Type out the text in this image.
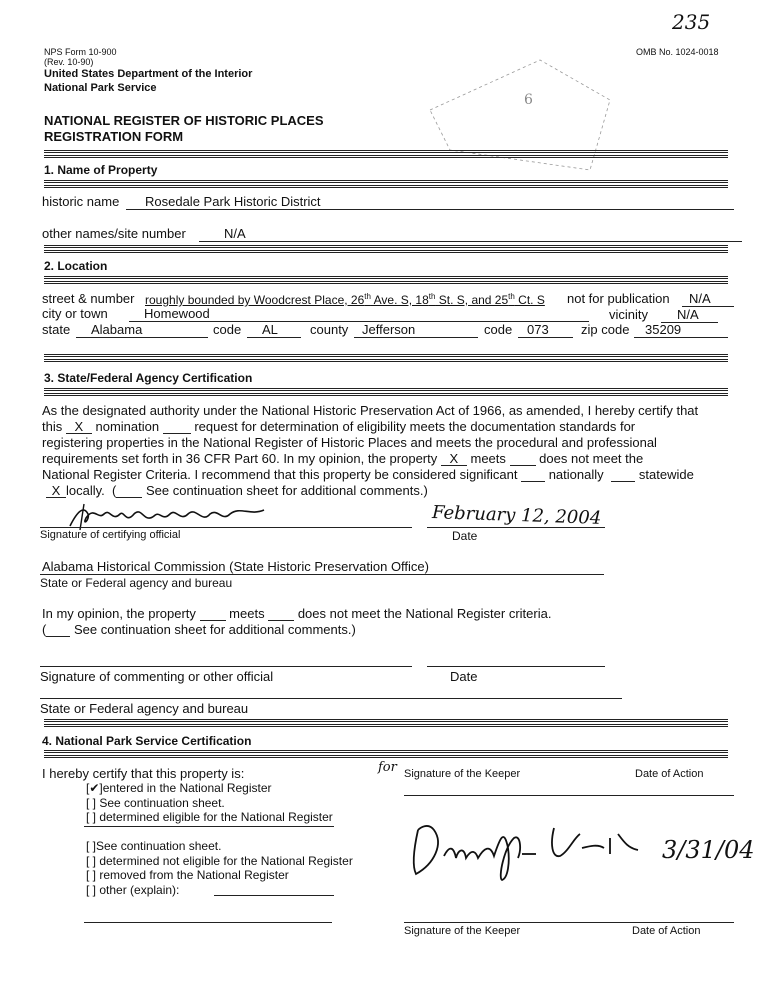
235
6
NPS Form 10-900
(Rev. 10-90)
United States Department of the Interior
National Park Service
OMB No. 1024-0018
NATIONAL REGISTER OF HISTORIC PLACES
REGISTRATION FORM
1. Name of Property
historic name Rosedale Park Historic District
other names/site number	N/A
2. Location
street & number roughly bounded by Woodcrest Place, 26th Ave. S, 18th St. S, and 25th Ct. S not for publication N/A
city or town	Homewood	vicinity N/A
state Alabama	code AL county Jefferson	code 073 zip code 35209
3. State/Federal Agency Certification
As the designated authority under the National Historic Preservation Act of 1966, as amended, I hereby certify that
this X nomination	request for determination of eligibility meets the documentation standards for
registering properties in the National Register of Historic Places and meets the procedural and professional
requirements set forth in 36 CFR Part 60. In my opinion, the property X meets	does not meet the
National Register Criteria. I recommend that this property be considered significant nationally	statewide
X locally.  ( See continuation sheet for additional comments.)
Signature of certifying official
February 12, 2004
Date
Alabama Historical Commission (State Historic Preservation Office)
State or Federal agency and bureau
In my opinion, the property	meets	does not meet the National Register criteria.
( See continuation sheet for additional comments.)
Signature of commenting or other official	Date
State or Federal agency and bureau
4. National Park Service Certification
I hereby certify that this property is:	for Signature of the Keeper	Date of Action
[✔]entered in the National Register
[ ] See continuation sheet.
[ ] determined eligible for the National Register
[ ]See continuation sheet.
[ ] determined not eligible for the National Register
[ ] removed from the National Register
[ ] other (explain):
3/31/04
Signature of the Keeper	Date of Action
